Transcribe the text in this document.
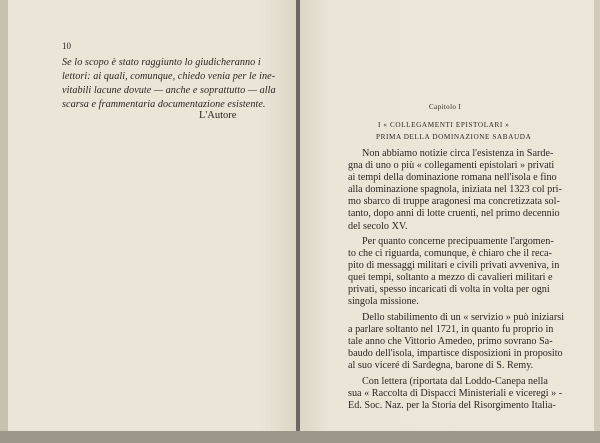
10
Se lo scopo è stato raggiunto lo giudicheranno i
lettori: ai quali, comunque, chiedo venia per le ine-
vitabili lacune dovute — anche e soprattutto — alla
scarsa e frammentaria documentazione esistente.
L'Autore
Capitolo I
I « COLLEGAMENTI EPISTOLARI »
PRIMA DELLA DOMINAZIONE SABAUDA
Non abbiamo notizie circa l'esistenza in Sarde-
gna di uno o più « collegamenti epistolari » privati
ai tempi della dominazione romana nell'isola e fino
alla dominazione spagnola, iniziata nel 1323 col pri-
mo sbarco di truppe aragonesi ma concretizzata sol-
tanto, dopo anni di lotte cruenti, nel primo decennio
del secolo XV.
Per quanto concerne precipuamente l'argomen-
to che ci riguarda, comunque, è chiaro che il reca-
pito di messaggi militari e civili privati avveniva, in
quei tempi, soltanto a mezzo di cavalieri militari e
privati, spesso incaricati di volta in volta per ogni
singola missione.
Dello stabilimento di un « servizio » può iniziarsi
a parlare soltanto nel 1721, in quanto fu proprio in
tale anno che Vittorio Amedeo, primo sovrano Sa-
baudo dell'isola, impartisce disposizioni in proposito
al suo viceré di Sardegna, barone di S. Remy.
Con lettera (riportata dal Loddo-Canepa nella
sua « Raccolta di Dispacci Ministeriali e viceregi » -
Ed. Soc. Naz. per la Storia del Risorgimento Italia-
